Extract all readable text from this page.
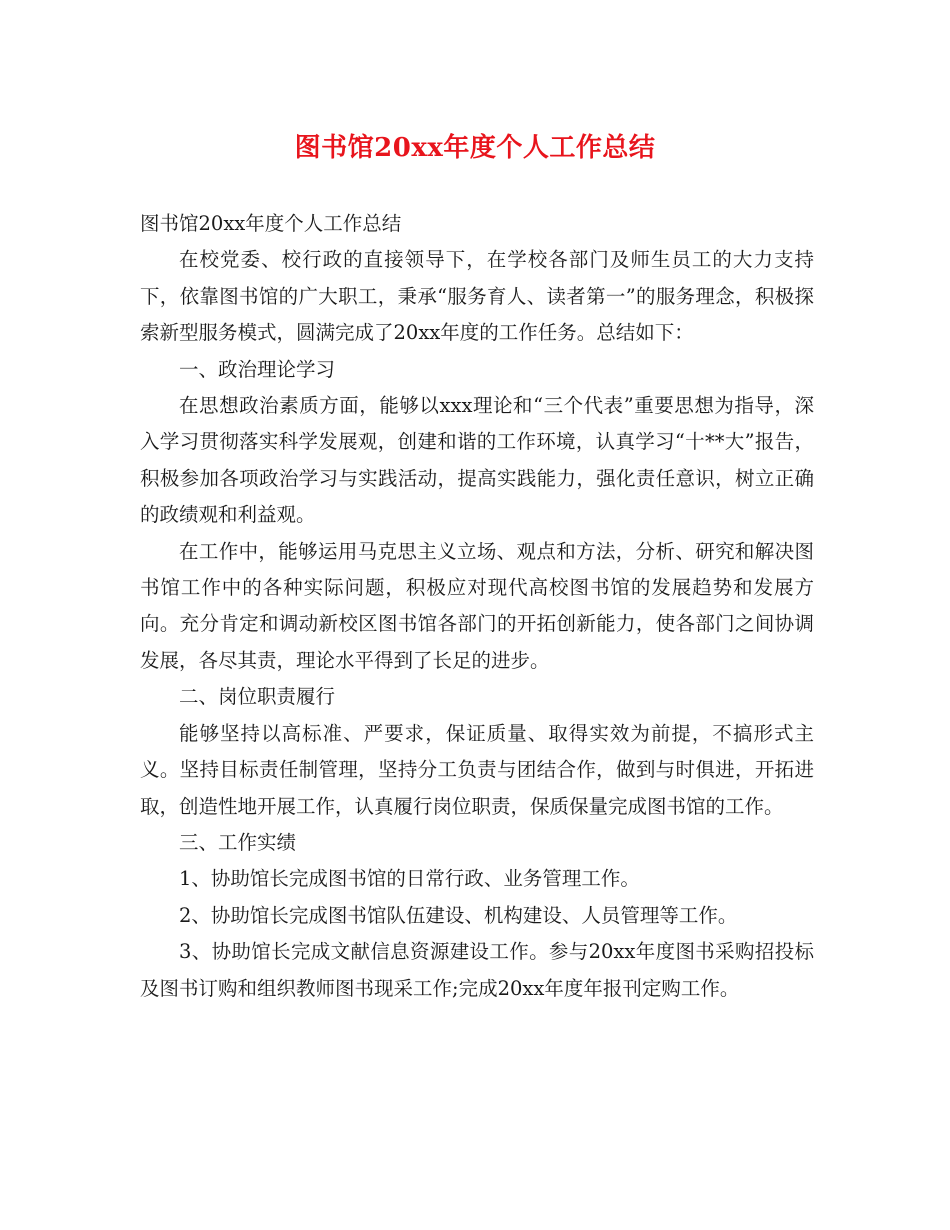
图书馆20xx年度个人工作总结

图书馆20xx年度个人工作总结

在校党委、校行政的直接领导下，在学校各部门及师生员工的大力支持下，依靠图书馆的广大职工，秉承“服务育人、读者第一”的服务理念，积极探索新型服务模式，圆满完成了20xx年度的工作任务。总结如下：

一、政治理论学习

在思想政治素质方面，能够以xxx理论和“三个代表”重要思想为指导，深入学习贯彻落实科学发展观，创建和谐的工作环境，认真学习“十**大”报告，积极参加各项政治学习与实践活动，提高实践能力，强化责任意识，树立正确的政绩观和利益观。

在工作中，能够运用马克思主义立场、观点和方法，分析、研究和解决图书馆工作中的各种实际问题，积极应对现代高校图书馆的发展趋势和发展方向。充分肯定和调动新校区图书馆各部门的开拓创新能力，使各部门之间协调发展，各尽其责，理论水平得到了长足的进步。

二、岗位职责履行

能够坚持以高标准、严要求，保证质量、取得实效为前提，不搞形式主义。坚持目标责任制管理，坚持分工负责与团结合作，做到与时俱进，开拓进取，创造性地开展工作，认真履行岗位职责，保质保量完成图书馆的工作。

三、工作实绩

1、协助馆长完成图书馆的日常行政、业务管理工作。

2、协助馆长完成图书馆队伍建设、机构建设、人员管理等工作。

3、协助馆长完成文献信息资源建设工作。参与20xx年度图书采购招投标及图书订购和组织教师图书现采工作;完成20xx年度年报刊定购工作。
